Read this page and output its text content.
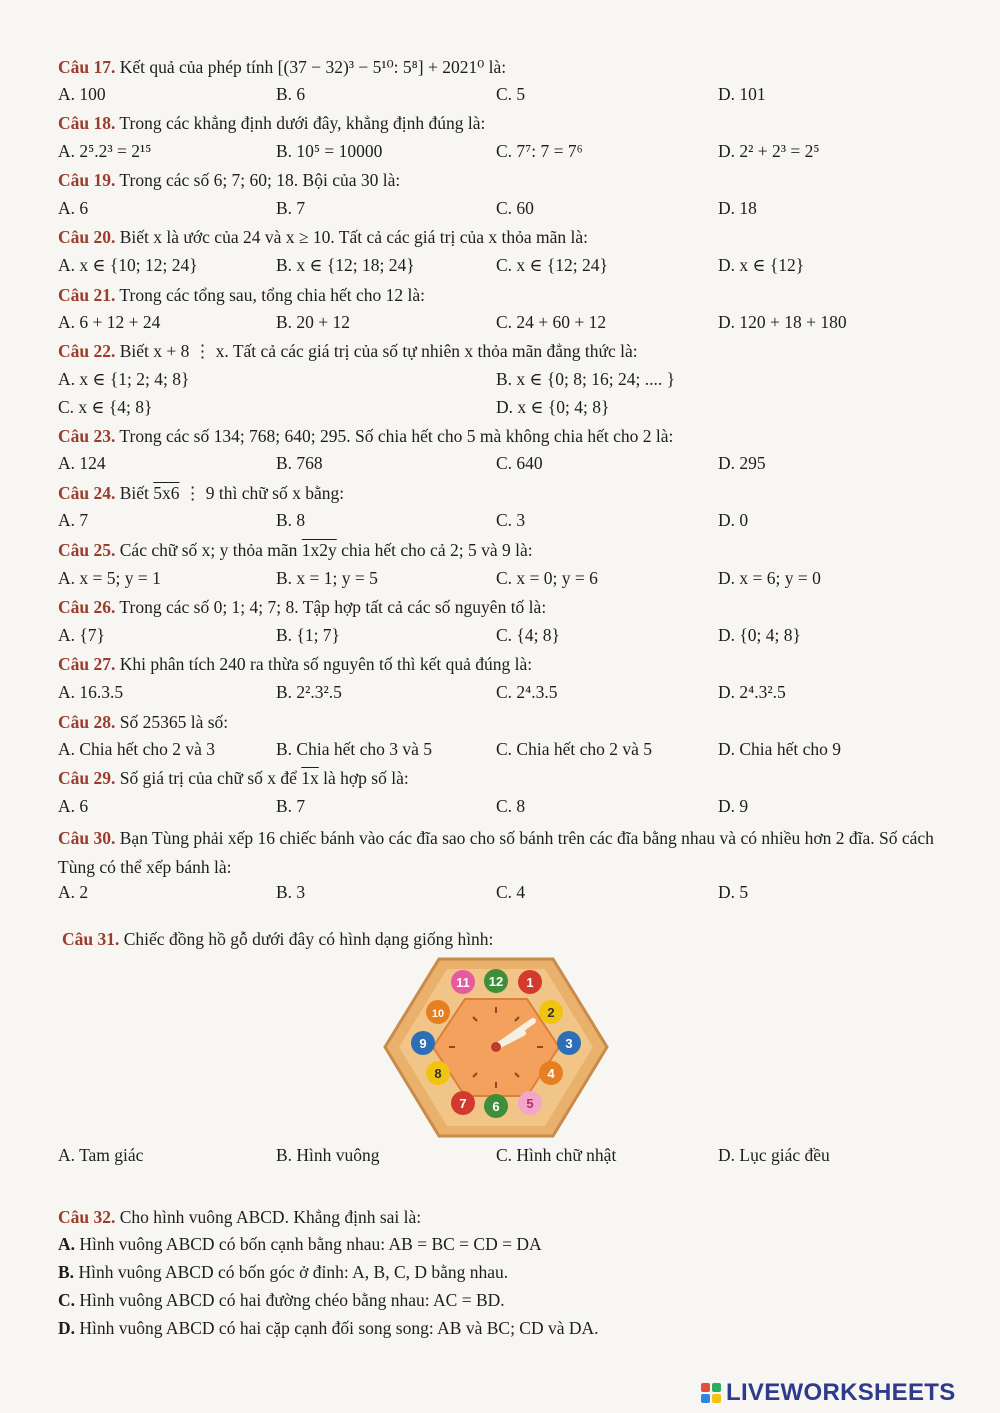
Câu 17. Kết quả của phép tính [(37 − 32)³ − 5¹⁰: 5⁸] + 2021⁰ là:
A. 100	B. 6	C. 5	D. 101
Câu 18. Trong các khẳng định dưới đây, khẳng định đúng là:
A. 2⁵.2³ = 2¹⁵	B. 10⁵ = 10000	C. 7⁷: 7 = 7⁶	D. 2² + 2³ = 2⁵
Câu 19. Trong các số 6; 7; 60; 18. Bội của 30 là:
A. 6	B. 7	C. 60	D. 18
Câu 20. Biết x là ước của 24 và x ≥ 10. Tất cả các giá trị của x thỏa mãn là:
A. x ∈ {10; 12; 24}	B. x ∈ {12; 18; 24}	C. x ∈ {12; 24}	D. x ∈ {12}
Câu 21. Trong các tổng sau, tổng chia hết cho 12 là:
A. 6 + 12 + 24	B. 20 + 12	C. 24 + 60 + 12	D. 120 + 18 + 180
Câu 22. Biết x + 8 ⋮ x. Tất cả các giá trị của số tự nhiên x thỏa mãn đẳng thức là:
A. x ∈ {1; 2; 4; 8}	B. x ∈ {0; 8; 16; 24; .... }
C. x ∈ {4; 8}	D. x ∈ {0; 4; 8}
Câu 23. Trong các số 134; 768; 640; 295. Số chia hết cho 5 mà không chia hết cho 2 là:
A. 124	B. 768	C. 640	D. 295
Câu 24. Biết 5x6 ⋮ 9 thì chữ số x bằng:
A. 7	B. 8	C. 3	D. 0
Câu 25. Các chữ số x; y thỏa mãn 1x2y chia hết cho cả 2; 5 và 9 là:
A. x = 5; y = 1	B. x = 1; y = 5	C. x = 0; y = 6	D. x = 6; y = 0
Câu 26. Trong các số 0; 1; 4; 7; 8. Tập hợp tất cả các số nguyên tố là:
A. {7}	B. {1; 7}	C. {4; 8}	D. {0; 4; 8}
Câu 27. Khi phân tích 240 ra thừa số nguyên tố thì kết quả đúng là:
A. 16.3.5	B. 2².3².5	C. 2⁴.3.5	D. 2⁴.3².5
Câu 28. Số 25365 là số:
A. Chia hết cho 2 và 3	B. Chia hết cho 3 và 5	C. Chia hết cho 2 và 5	D. Chia hết cho 9
Câu 29. Số giá trị của chữ số x để 1x là hợp số là:
A. 6	B. 7	C. 8	D. 9
Câu 30. Bạn Tùng phải xếp 16 chiếc bánh vào các đĩa sao cho số bánh trên các đĩa bằng nhau và có nhiều hơn 2 đĩa. Số cách Tùng có thể xếp bánh là:
A. 2	B. 3	C. 4	D. 5
Câu 31. Chiếc đồng hồ gỗ dưới đây có hình dạng giống hình:
11 12 1
2
3
4
5
6
7
8
9
10
A. Tam giác	B. Hình vuông	C. Hình chữ nhật	D. Lục giác đều
Câu 32. Cho hình vuông ABCD. Khẳng định sai là:
A. Hình vuông ABCD có bốn cạnh bằng nhau: AB = BC = CD = DA
B. Hình vuông ABCD có bốn góc ở đỉnh: A, B, C, D bằng nhau.
C. Hình vuông ABCD có hai đường chéo bằng nhau: AC = BD.
D. Hình vuông ABCD có hai cặp cạnh đối song song: AB và BC; CD và DA.
LIVEWORKSHEETS
